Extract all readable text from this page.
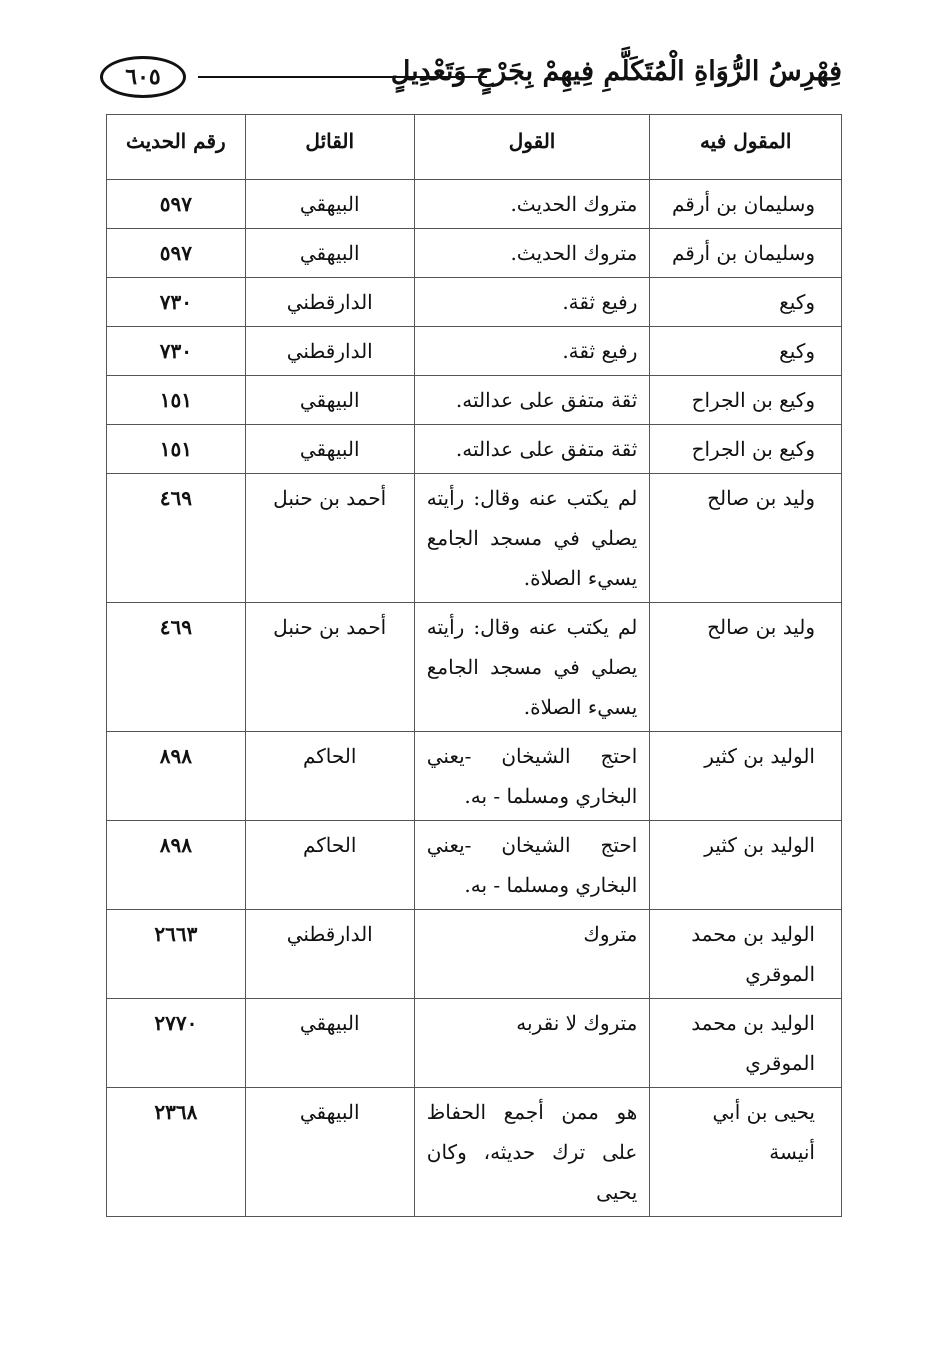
فِهْرِسُ الرُّوَاةِ الْمُتَكَلَّمِ فِيهِمْ بِجَرْحٍ وَتَعْدِيلٍ
٦٠٥
المقول فيه	القول	القائل	رقم الحديث
وسليمان بن أرقم	متروك الحديث.	البيهقي	٥٩٧
وسليمان بن أرقم	متروك الحديث.	البيهقي	٥٩٧
وكيع	رفيع ثقة.	الدارقطني	٧٣٠
وكيع	رفيع ثقة.	الدارقطني	٧٣٠
وكيع بن الجراح	ثقة متفق على عدالته.	البيهقي	١٥١
وكيع بن الجراح	ثقة متفق على عدالته.	البيهقي	١٥١
وليد بن صالح	لم يكتب عنه وقال: رأيته يصلي في مسجد الجامع يسيء الصلاة.	أحمد بن حنبل	٤٦٩
وليد بن صالح	لم يكتب عنه وقال: رأيته يصلي في مسجد الجامع يسيء الصلاة.	أحمد بن حنبل	٤٦٩
الوليد بن كثير	احتج الشيخان -يعني البخاري ومسلما - به.	الحاكم	٨٩٨
الوليد بن كثير	احتج الشيخان -يعني البخاري ومسلما - به.	الحاكم	٨٩٨
الوليد بن محمد الموقري	متروك	الدارقطني	٢٦٦٣
الوليد بن محمد الموقري	متروك لا نقربه	البيهقي	٢٧٧٠
يحيى بن أبي أنيسة	هو ممن أجمع الحفاظ على ترك حديثه، وكان يحيى	البيهقي	٢٣٦٨
